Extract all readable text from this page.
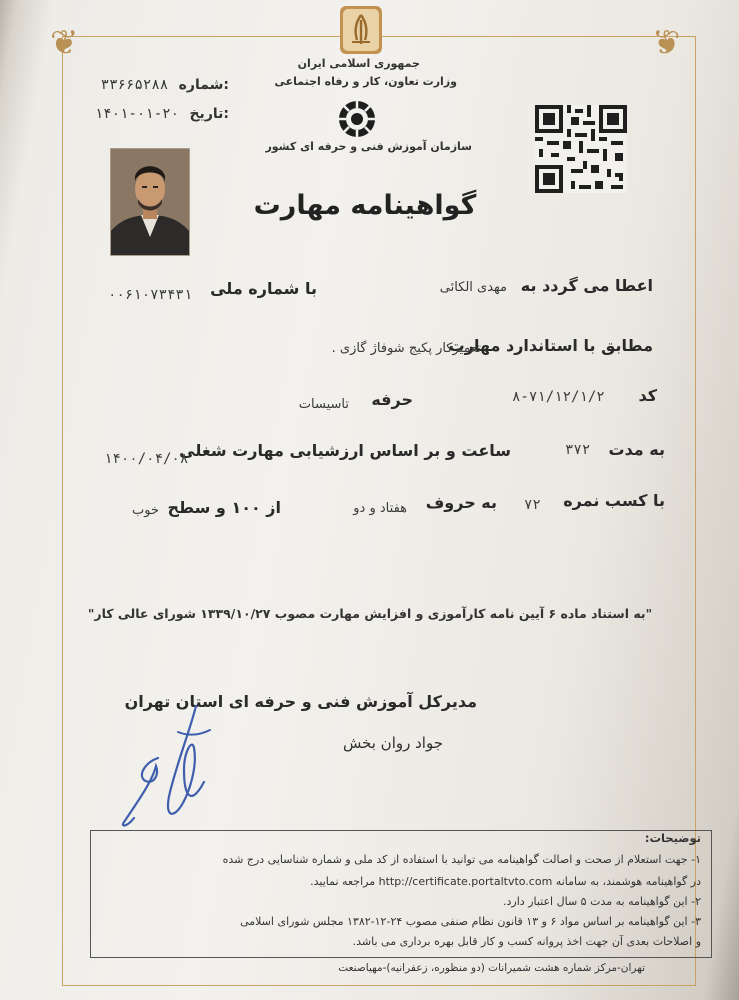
❦	❦
جمهوری اسلامی ایران
وزارت تعاون، کار و رفاه اجتماعی
سازمان آموزش فنی و حرفه ای کشور
۳۳۶۶۵۲۸۸ شماره:
۱۴۰۱-۰۱-۲۰ تاریخ:
گواهینامه مهارت
اعطا می گردد به
مهدی الکائی
با شماره ملی
۰۰۶۱۰۷۳۴۳۱
مطابق با استاندارد مهارت
تعمیرکار پکیج شوفاژ گازی .
کد
۸-۷۱/۱۲/۱/۲
حرفه
تاسیسات
به مدت
۳۷۲
ساعت و بر اساس ارزشیابی مهارت شغلی
۱۴۰۰/۰۴/۰۸
با کسب نمره
۷۲
به حروف
هفتاد و دو
از ۱۰۰ و سطح
خوب
"به استناد ماده ۶ آیین نامه کارآموزی و افزایش مهارت مصوب ۱۳۳۹/۱۰/۲۷ شورای عالی کار"
مدیرکل آموزش فنی و حرفه ای استان تهران
جواد روان بخش
توضیحات:
۱- جهت استعلام از صحت و اصالت گواهینامه می توانید با استفاده از کد ملی و شماره شناسایی درج شده
در گواهینامه هوشمند، به سامانه http://certificate.portaltvto.com مراجعه نمایید.
۲- این گواهینامه به مدت ۵ سال اعتبار دارد.
۳- این گواهینامه بر اساس مواد ۶ و ۱۳ قانون نظام صنفی مصوب ۲۴-۱۲-۱۳۸۲ مجلس شورای اسلامی
و اصلاحات بعدی آن جهت اخذ پروانه کسب و کار قابل بهره برداری می باشد.
تهران-مرکز شماره هشت شمیرانات (دو منظوره، زعفرانیه)-مهیاصنعت
